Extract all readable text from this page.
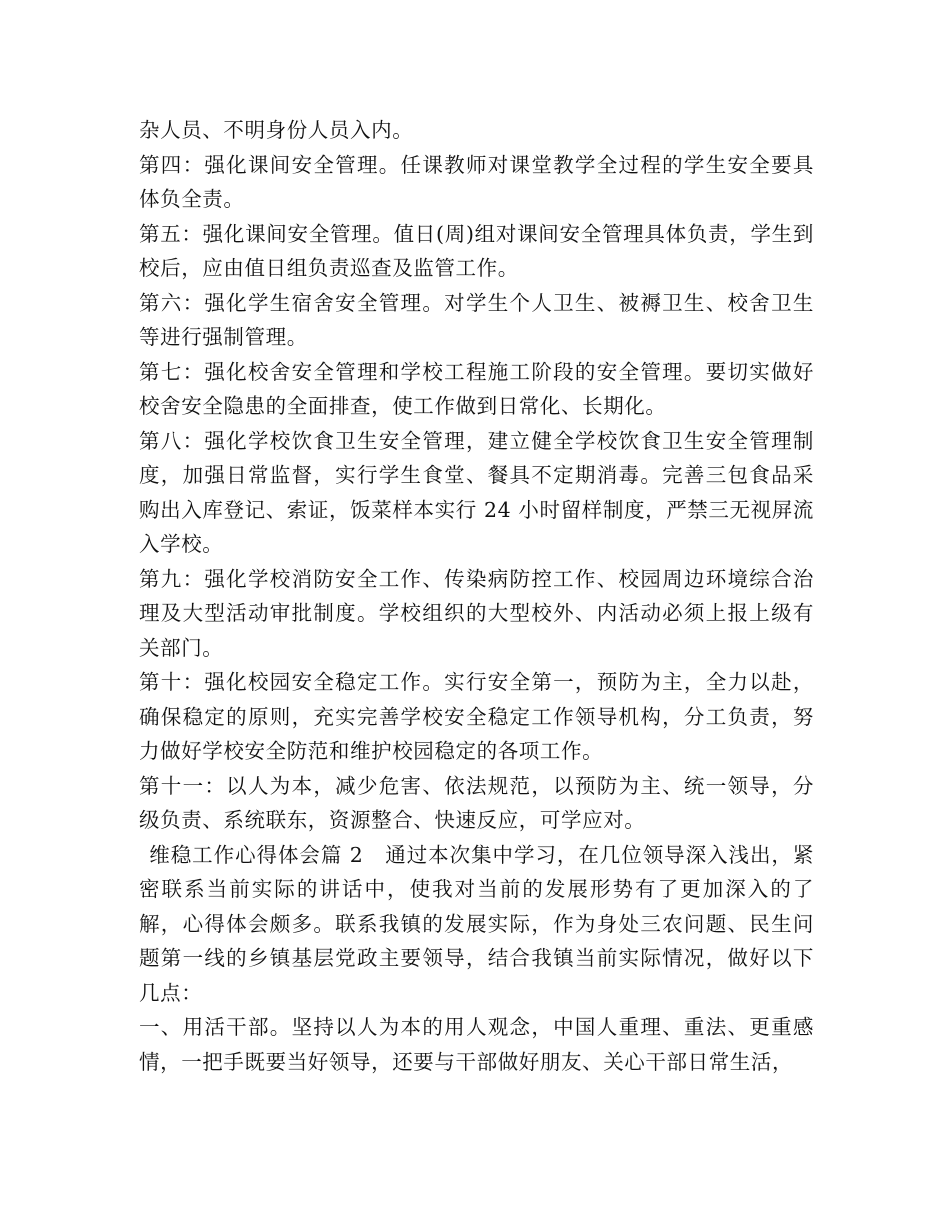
杂人员、不明身份人员入内。

第四：强化课间安全管理。任课教师对课堂教学全过程的学生安全要具体负全责。

第五：强化课间安全管理。值日(周)组对课间安全管理具体负责，学生到校后，应由值日组负责巡查及监管工作。

第六：强化学生宿舍安全管理。对学生个人卫生、被褥卫生、校舍卫生等进行强制管理。

第七：强化校舍安全管理和学校工程施工阶段的安全管理。要切实做好校舍安全隐患的全面排查，使工作做到日常化、长期化。

第八：强化学校饮食卫生安全管理，建立健全学校饮食卫生安全管理制度，加强日常监督，实行学生食堂、餐具不定期消毒。完善三包食品采购出入库登记、索证，饭菜样本实行 24 小时留样制度，严禁三无视屏流入学校。

第九：强化学校消防安全工作、传染病防控工作、校园周边环境综合治理及大型活动审批制度。学校组织的大型校外、内活动必须上报上级有关部门。

第十：强化校园安全稳定工作。实行安全第一，预防为主，全力以赴，确保稳定的原则，充实完善学校安全稳定工作领导机构，分工负责，努力做好学校安全防范和维护校园稳定的各项工作。

第十一：以人为本，减少危害、依法规范，以预防为主、统一领导，分级负责、系统联东，资源整合、快速反应，可学应对。

维稳工作心得体会篇 2　通过本次集中学习，在几位领导深入浅出，紧密联系当前实际的讲话中，使我对当前的发展形势有了更加深入的了解，心得体会颇多。联系我镇的发展实际，作为身处三农问题、民生问题第一线的乡镇基层党政主要领导，结合我镇当前实际情况，做好以下几点：

一、用活干部。坚持以人为本的用人观念，中国人重理、重法、更重感情，一把手既要当好领导，还要与干部做好朋友、关心干部日常生活，
